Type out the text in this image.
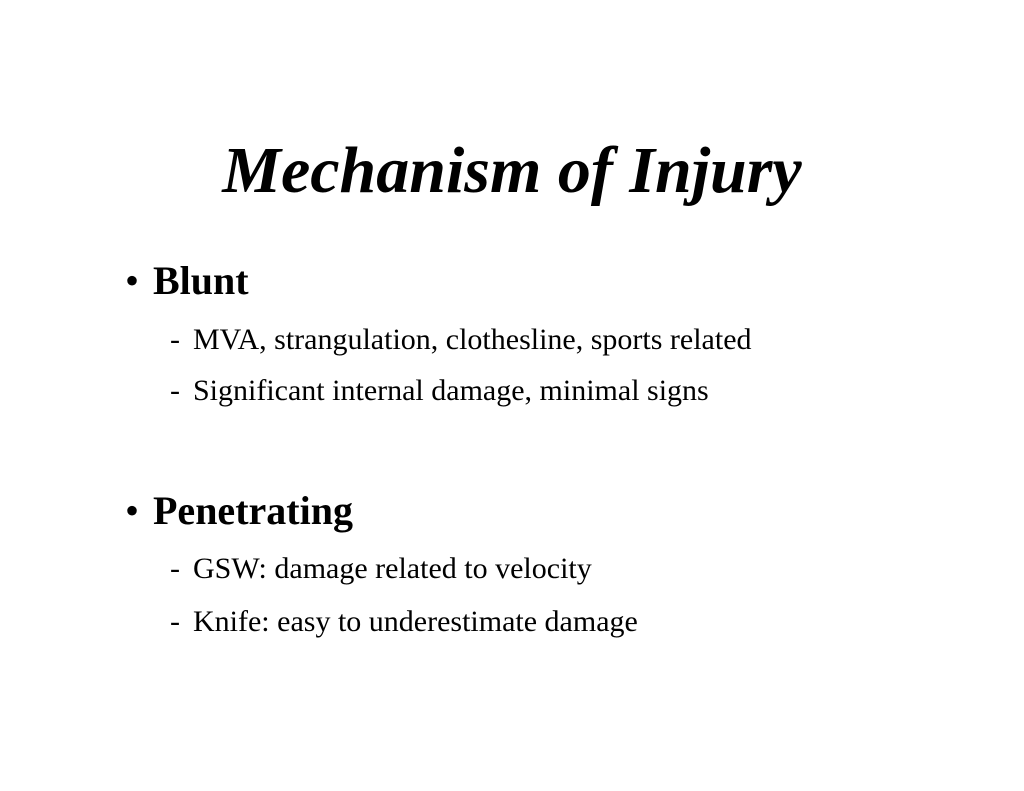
Mechanism of Injury
• Blunt
- MVA, strangulation, clothesline, sports related
- Significant internal damage, minimal signs
• Penetrating
- GSW: damage related to velocity
- Knife: easy to underestimate damage
